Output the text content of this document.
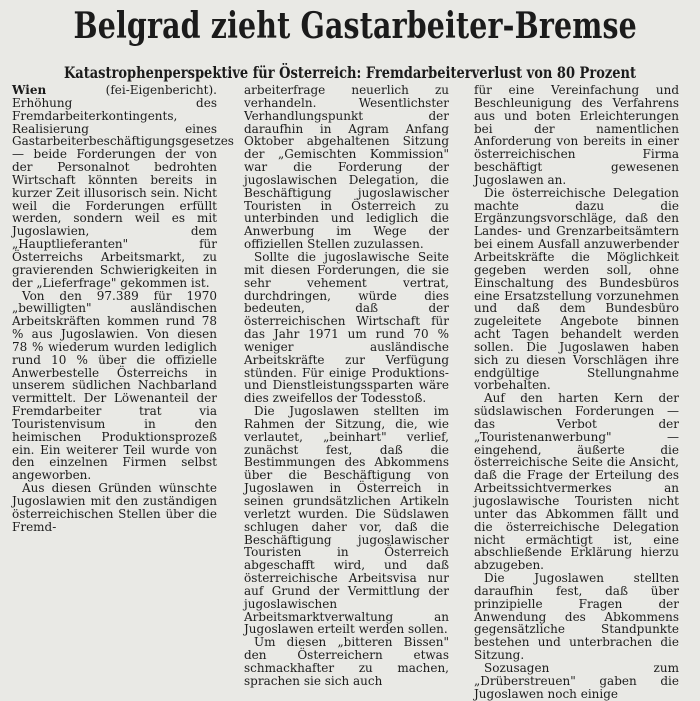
Belgrad zieht Gastarbeiter-Bremse
Katastrophenperspektive für Österreich: Fremdarbeiterverlust von 80 Prozent

Wien	(fei-Eigenbericht). Erhöhung des Fremdarbeiterkontingents, Realisierung eines Gastarbeiterbeschäftigungsgesetzes — beide Forderungen der von der Personalnot bedrohten Wirtschaft könnten bereits in kurzer Zeit illusorisch sein. Nicht weil die Forderungen erfüllt werden, sondern weil es mit Jugoslawien, dem „Hauptlieferanten" für Österreichs Arbeitsmarkt, zu gravierenden Schwierigkeiten in der „Lieferfrage" gekommen ist.

Von den 97.389 für 1970 „bewilligten" ausländischen Arbeitskräften kommen rund 78 % aus Jugoslawien. Von diesen 78 % wiederum wurden lediglich rund 10 % über die offizielle Anwerbestelle Österreichs in unserem südlichen Nachbarland vermittelt. Der Löwenanteil der Fremdarbeiter trat via Touristenvisum in den heimischen Produktionsprozeß ein. Ein weiterer Teil wurde von den einzelnen Firmen selbst angeworben.

Aus diesen Gründen wünschte Jugoslawien mit den zuständigen österreichischen Stellen über die Fremd-

arbeiterfrage neuerlich zu verhandeln. Wesentlichster Verhandlungspunkt der daraufhin in Agram Anfang Oktober abgehaltenen Sitzung der „Gemischten Kommission" war die Forderung der jugoslawischen Delegation, die Beschäftigung jugoslawischer Touristen in Österreich zu unterbinden und lediglich die Anwerbung im Wege der offiziellen Stellen zuzulassen.

Sollte die jugoslawische Seite mit diesen Forderungen, die sie sehr vehement vertrat, durchdringen, würde dies bedeuten, daß der österreichischen Wirtschaft für das Jahr 1971 um rund 70 % weniger ausländische Arbeitskräfte zur Verfügung stünden. Für einige Produktions- und Dienstleistungssparten wäre dies zweifellos der Todesstoß.

Die Jugoslawen stellten im Rahmen der Sitzung, die, wie verlautet, „beinhart" verlief, zunächst fest, daß die Bestimmungen des Abkommens über die Beschäftigung von Jugoslawen in Österreich in seinen grundsätzlichen Artikeln verletzt wurden. Die Südslawen schlugen daher vor, daß die Beschäftigung jugoslawischer Touristen in Österreich abgeschafft wird, und daß österreichische Arbeitsvisa nur auf Grund der Vermittlung der jugoslawischen Arbeitsmarktverwaltung an Jugoslawen erteilt werden sollen.

Um diesen „bitteren Bissen" den Österreichern etwas schmackhafter zu machen, sprachen sie sich auch

für eine Vereinfachung und Beschleunigung des Verfahrens aus und boten Erleichterungen bei der namentlichen Anforderung von bereits in einer österreichischen Firma beschäftigt gewesenen Jugoslawen an.

Die österreichische Delegation machte dazu die Ergänzungsvorschläge, daß den Landes- und Grenzarbeitsämtern bei einem Ausfall anzuwerbender Arbeitskräfte die Möglichkeit gegeben werden soll, ohne Einschaltung des Bundesbüros eine Ersatzstellung vorzunehmen und daß dem Bundesbüro zugeleitete Angebote binnen acht Tagen behandelt werden sollen. Die Jugoslawen haben sich zu diesen Vorschlägen ihre endgültige Stellungnahme vorbehalten.

Auf den harten Kern der südslawischen Forderungen — das Verbot der „Touristenanwerbung" — eingehend, äußerte die österreichische Seite die Ansicht, daß die Frage der Erteilung des Arbeitssichtvermerkes an jugoslawische Touristen nicht unter das Abkommen fällt und die österreichische Delegation nicht ermächtigt ist, eine abschließende Erklärung hierzu abzugeben.

Die Jugoslawen stellten daraufhin fest, daß über prinzipielle Fragen der Anwendung des Abkommens gegensätzliche Standpunkte bestehen und unterbrachen die Sitzung.

Sozusagen zum „Drüberstreuen" gaben die Jugoslawen noch einige
